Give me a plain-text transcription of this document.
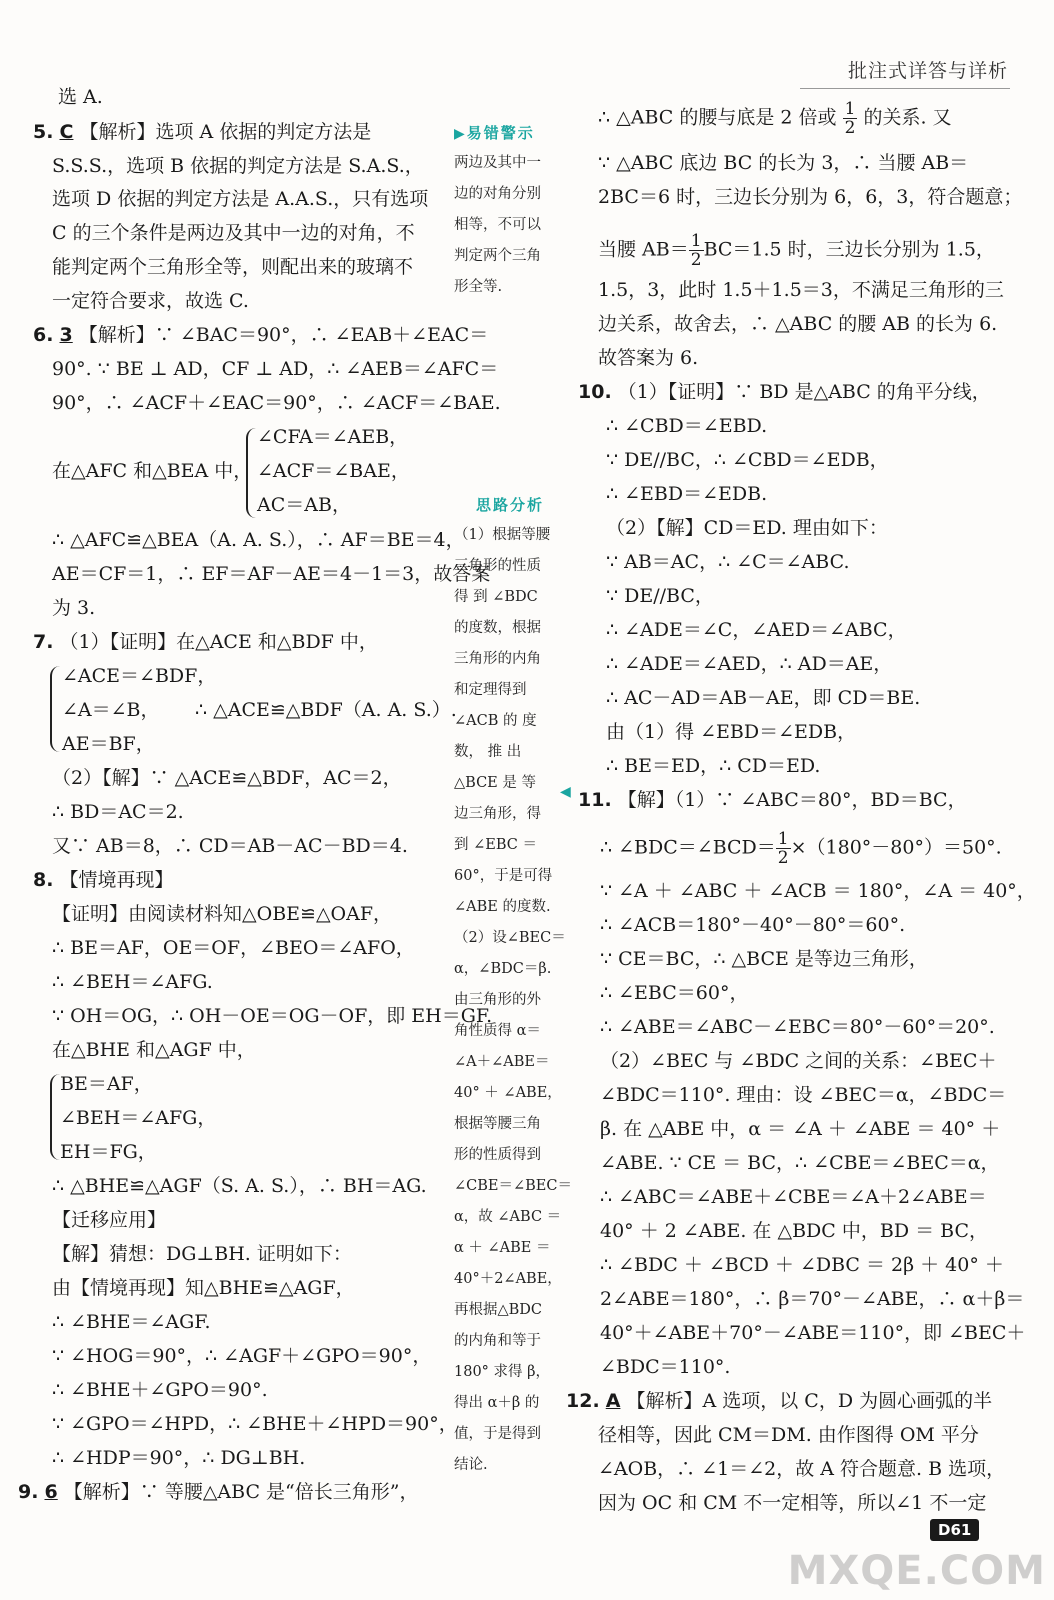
批注式详答与详析
选 A.
5. C 【解析】选项 A 依据的判定方法是
S.S.S.，选项 B 依据的判定方法是 S.A.S.，
选项 D 依据的判定方法是 A.A.S.，只有选项
C 的三个条件是两边及其中一边的对角，不
能判定两个三角形全等，则配出来的玻璃不
一定符合要求，故选 C.
6. 3 【解析】∵ ∠BAC＝90°，∴ ∠EAB＋∠EAC＝
90°. ∵ BE ⊥ AD，CF ⊥ AD，∴ ∠AEB＝∠AFC＝
90°，∴ ∠ACF＋∠EAC＝90°，∴ ∠ACF＝∠BAE.
在△AFC 和△BEA 中，
∠CFA＝∠AEB，
∠ACF＝∠BAE，
AC＝AB，
∴ △AFC≌△BEA（A. A. S.），∴ AF＝BE＝4，
AE＝CF＝1，∴ EF＝AF－AE＝4－1＝3，故答案
为 3.
7. （1）【证明】在△ACE 和△BDF 中，
∠ACE＝∠BDF，
∠A＝∠B， ∴ △ACE≌△BDF（A. A. S.）.
AE＝BF，
（2）【解】∵ △ACE≌△BDF，AC＝2，
∴ BD＝AC＝2.
又∵ AB＝8，∴ CD＝AB－AC－BD＝4.
8. 【情境再现】
【证明】由阅读材料知△OBE≌△OAF，
∴ BE＝AF，OE＝OF，∠BEO＝∠AFO，
∴ ∠BEH＝∠AFG.
∵ OH＝OG，∴ OH－OE＝OG－OF，即 EH＝GF.
在△BHE 和△AGF 中，
BE＝AF，
∠BEH＝∠AFG，
EH＝FG，
∴ △BHE≌△AGF（S. A. S.），∴ BH＝AG.
【迁移应用】
【解】猜想：DG⊥BH. 证明如下：
由【情境再现】知△BHE≌△AGF，
∴ ∠BHE＝∠AGF.
∵ ∠HOG＝90°，∴ ∠AGF＋∠GPO＝90°，
∴ ∠BHE＋∠GPO＝90°.
∵ ∠GPO＝∠HPD，∴ ∠BHE＋∠HPD＝90°，
∴ ∠HDP＝90°，∴ DG⊥BH.
9. 6 【解析】∵ 等腰△ABC 是“倍长三角形”，
▶易错警示
两边及其中一
边的对角分别
相等，不可以
判定两个三角
形全等.
思路分析
（1）根据等腰
三角形的性质
得 到 ∠BDC
的度数，根据
三角形的内角
和定理得到
∠ACB 的 度
数， 推 出
△BCE 是 等
边三角形，得
到 ∠EBC ＝
60°，于是可得
∠ABE 的度数.
（2）设∠BEC＝
α，∠BDC＝β.
由三角形的外
角性质得 α＝
∠A＋∠ABE＝
40° ＋ ∠ABE，
根据等腰三角
形的性质得到
∠CBE＝∠BEC＝
α，故 ∠ABC ＝
α ＋ ∠ABE ＝
40°＋2∠ABE，
再根据△BDC
的内角和等于
180° 求得 β，
得出 α＋β 的
值，于是得到
结论.
◀
∴ △ABC 的腰与底是 2 倍或 $\frac{1}{2}$ 的关系. 又
∵ △ABC 底边 BC 的长为 3，∴ 当腰 AB＝
2BC＝6 时，三边长分别为 6，6，3，符合题意；
当腰 $AB= \frac{1}{2} BC=1.5$ 时，三边长分别为 1.5，
1.5，3，此时 1.5＋1.5＝3，不满足三角形的三
边关系，故舍去，∴ △ABC 的腰 AB 的长为 6.
故答案为 6.
10. （1）【证明】∵ BD 是△ABC 的角平分线，
∴ ∠CBD＝∠EBD.
∵ DE//BC，∴ ∠CBD＝∠EDB，
∴ ∠EBD＝∠EDB.
（2）【解】CD＝ED. 理由如下：
∵ AB＝AC，∴ ∠C＝∠ABC.
∵ DE//BC，
∴ ∠ADE＝∠C，∠AED＝∠ABC，
∴ ∠ADE＝∠AED，∴ AD＝AE，
∴ AC－AD＝AB－AE，即 CD＝BE.
由（1）得 ∠EBD＝∠EDB，
∴ BE＝ED，∴ CD＝ED.
11. 【解】（1）∵ ∠ABC＝80°，BD＝BC，
∴ ∠BDC＝∠BCD＝ $\frac{1}{2} \times(180^\circ-80^\circ)=50^\circ$.
∵ ∠A ＋ ∠ABC ＋ ∠ACB ＝ 180°，∠A ＝ 40°，
∴ ∠ACB＝180°－40°－80°＝60°.
∵ CE＝BC，∴ △BCE 是等边三角形，
∴ ∠EBC＝60°，
∴ ∠ABE＝∠ABC－∠EBC＝80°－60°＝20°.
（2）∠BEC 与 ∠BDC 之间的关系：∠BEC＋
∠BDC＝110°. 理由：设 ∠BEC＝α，∠BDC＝
β. 在 △ABE 中，α ＝ ∠A ＋ ∠ABE ＝ 40° ＋
∠ABE. ∵ CE ＝ BC，∴ ∠CBE＝∠BEC＝α，
∴ ∠ABC＝∠ABE＋∠CBE＝∠A＋2∠ABE＝
40° ＋ 2 ∠ABE. 在 △BDC 中，BD ＝ BC，
∴ ∠BDC ＋ ∠BCD ＋ ∠DBC ＝ 2β ＋ 40° ＋
2∠ABE＝180°，∴ β＝70°－∠ABE，∴ α＋β＝
40°＋∠ABE＋70°－∠ABE＝110°，即 ∠BEC＋
∠BDC＝110°.
12. A 【解析】A 选项，以 C，D 为圆心画弧的半
径相等，因此 CM＝DM. 由作图得 OM 平分
∠AOB，∴ ∠1＝∠2，故 A 符合题意. B 选项，
因为 OC 和 CM 不一定相等，所以∠1 不一定
D61
MXQE.COM
